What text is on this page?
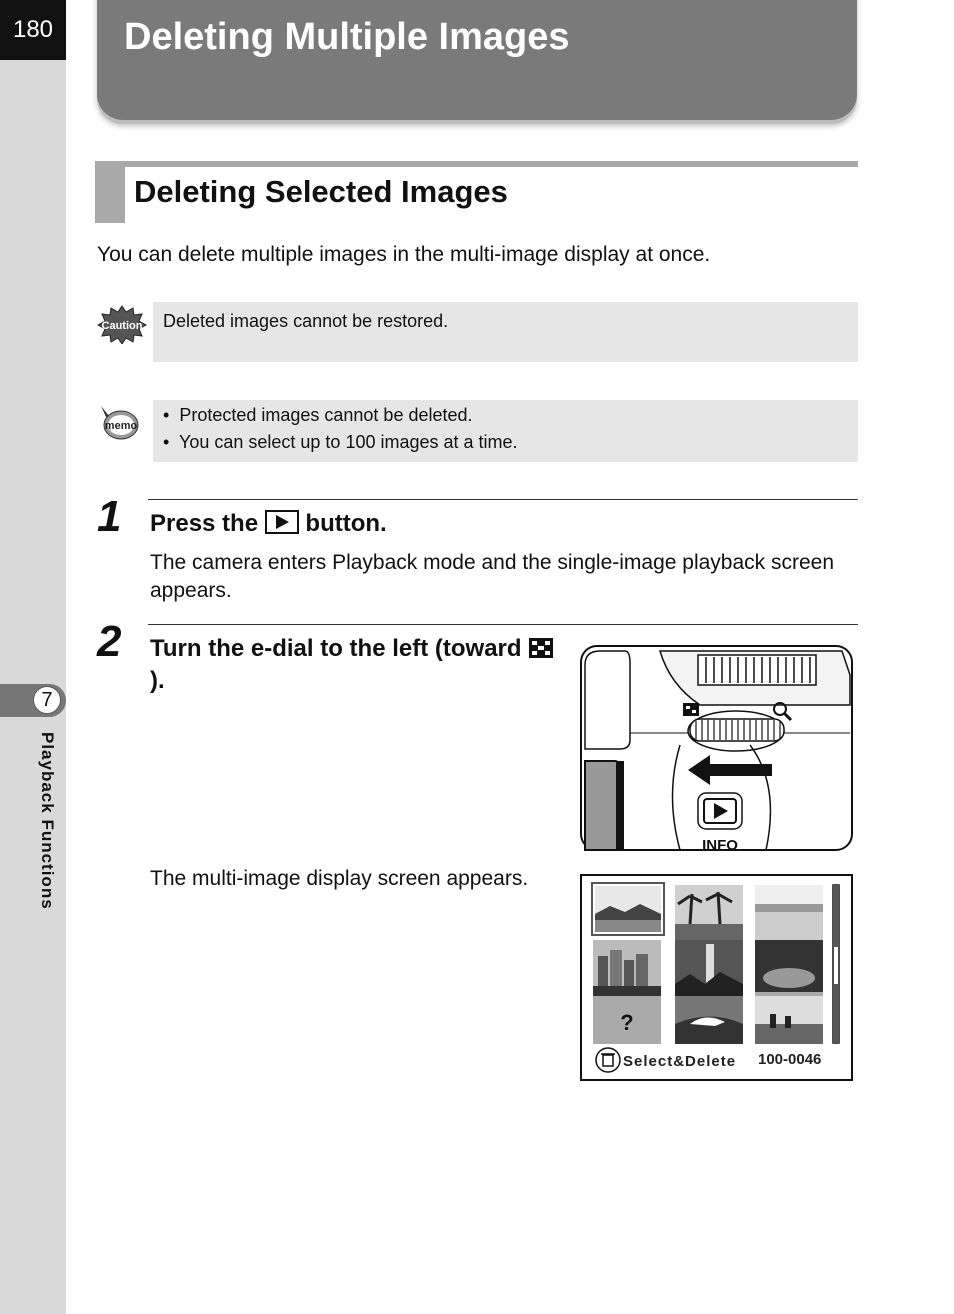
180
7
Playback Functions
Deleting Multiple Images
Deleting Selected Images
You can delete multiple images in the multi-image display at once.
Caution	Deleted images cannot be restored.
memo
•  Protected images cannot be deleted.
•  You can select up to 100 images at a time.
1 Press the button.
The camera enters Playback mode and the single-image playback screen appears.
2 Turn the e-dial to the left (toward ).
The multi-image display screen appears.
INFO
?
Select&Delete 100-0046
